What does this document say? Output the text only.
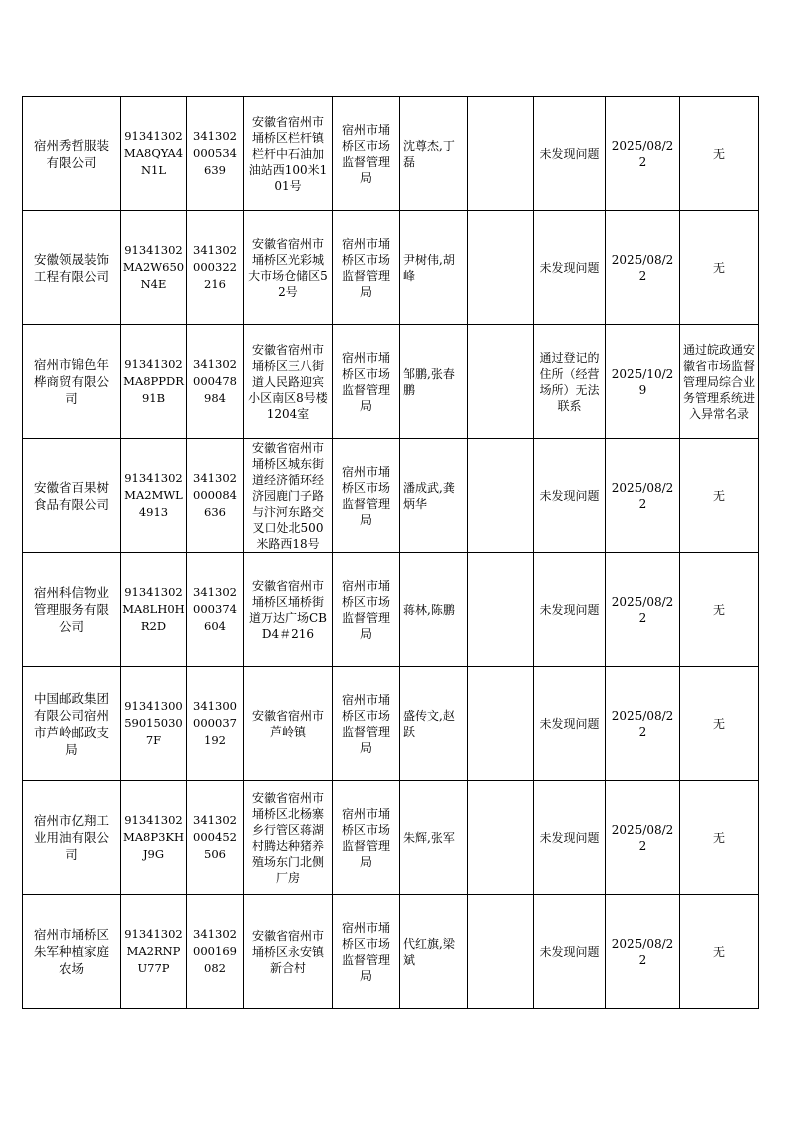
宿州秀哲服装有限公司	91341302MA8QYA4N1L	341302000534639	安徽省宿州市埇桥区栏杆镇栏杆中石油加油站西100米101号	宿州市埇桥区市场监督管理局	沈尊杰,丁磊		未发现问题	2025/08/22	无
安徽领晟装饰工程有限公司	91341302MA2W650N4E	341302000322216	安徽省宿州市埇桥区光彩城大市场仓储区52号	宿州市埇桥区市场监督管理局	尹树伟,胡峰		未发现问题	2025/08/22	无
宿州市锦色年桦商贸有限公司	91341302MA8PPDR91B	341302000478984	安徽省宿州市埇桥区三八街道人民路迎宾小区南区8号楼1204室	宿州市埇桥区市场监督管理局	邹鹏,张春鹏		通过登记的住所（经营场所）无法联系	2025/10/29	通过皖政通安徽省市场监督管理局综合业务管理系统进入异常名录
安徽省百果树食品有限公司	91341302MA2MWL4913	341302000084636	安徽省宿州市埇桥区城东街道经济循环经济园鹿门子路与汴河东路交叉口处北500米路西18号	宿州市埇桥区市场监督管理局	潘成武,龚炳华		未发现问题	2025/08/22	无
宿州科信物业管理服务有限公司	91341302MA8LH0HR2D	341302000374604	安徽省宿州市埇桥区埇桥街道万达广场CBD4＃216	宿州市埇桥区市场监督管理局	蒋林,陈鹏		未发现问题	2025/08/22	无
中国邮政集团有限公司宿州市芦岭邮政支局	91341300590150307F	341300000037192	安徽省宿州市芦岭镇	宿州市埇桥区市场监督管理局	盛传文,赵跃		未发现问题	2025/08/22	无
宿州市亿翔工业用油有限公司	91341302MA8P3KHJ9G	341302000452506	安徽省宿州市埇桥区北杨寨乡行管区蒋湖村腾达种猪养殖场东门北侧厂房	宿州市埇桥区市场监督管理局	朱辉,张军		未发现问题	2025/08/22	无
宿州市埇桥区朱军种植家庭农场	91341302MA2RNPU77P	341302000169082	安徽省宿州市埇桥区永安镇新合村	宿州市埇桥区市场监督管理局	代红旗,梁斌		未发现问题	2025/08/22	无
